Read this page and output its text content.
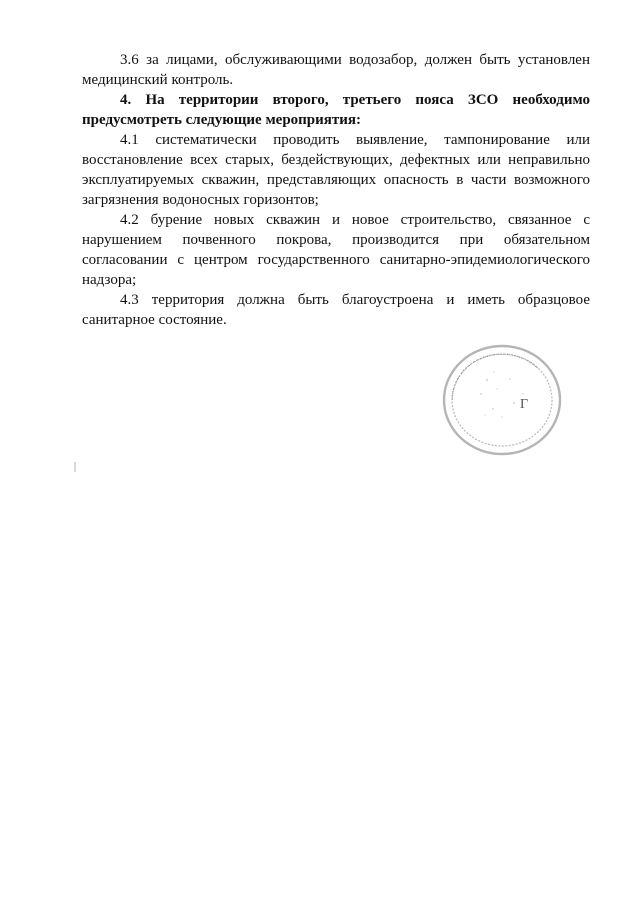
3.6 за лицами, обслуживающими водозабор, должен быть установлен медицинский контроль.

4. На территории второго, третьего пояса ЗСО необходимо предусмотреть следующие мероприятия:

4.1 систематически проводить выявление, тампонирование или восстановление всех старых, бездействующих, дефектных или неправильно эксплуатируемых скважин, представляющих опасность в части возможного загрязнения водоносных горизонтов;

4.2 бурение новых скважин и новое строительство, связанное с нарушением почвенного покрова, производится при обязательном согласовании с центром государственного санитарно-эпидемиологического надзора;

4.3 территория должна быть благоустроена и иметь образцовое санитарное состояние.

••••••• •••••• •••••••• •••••••••• •••••••••• ••••••• ••••••••
Г
